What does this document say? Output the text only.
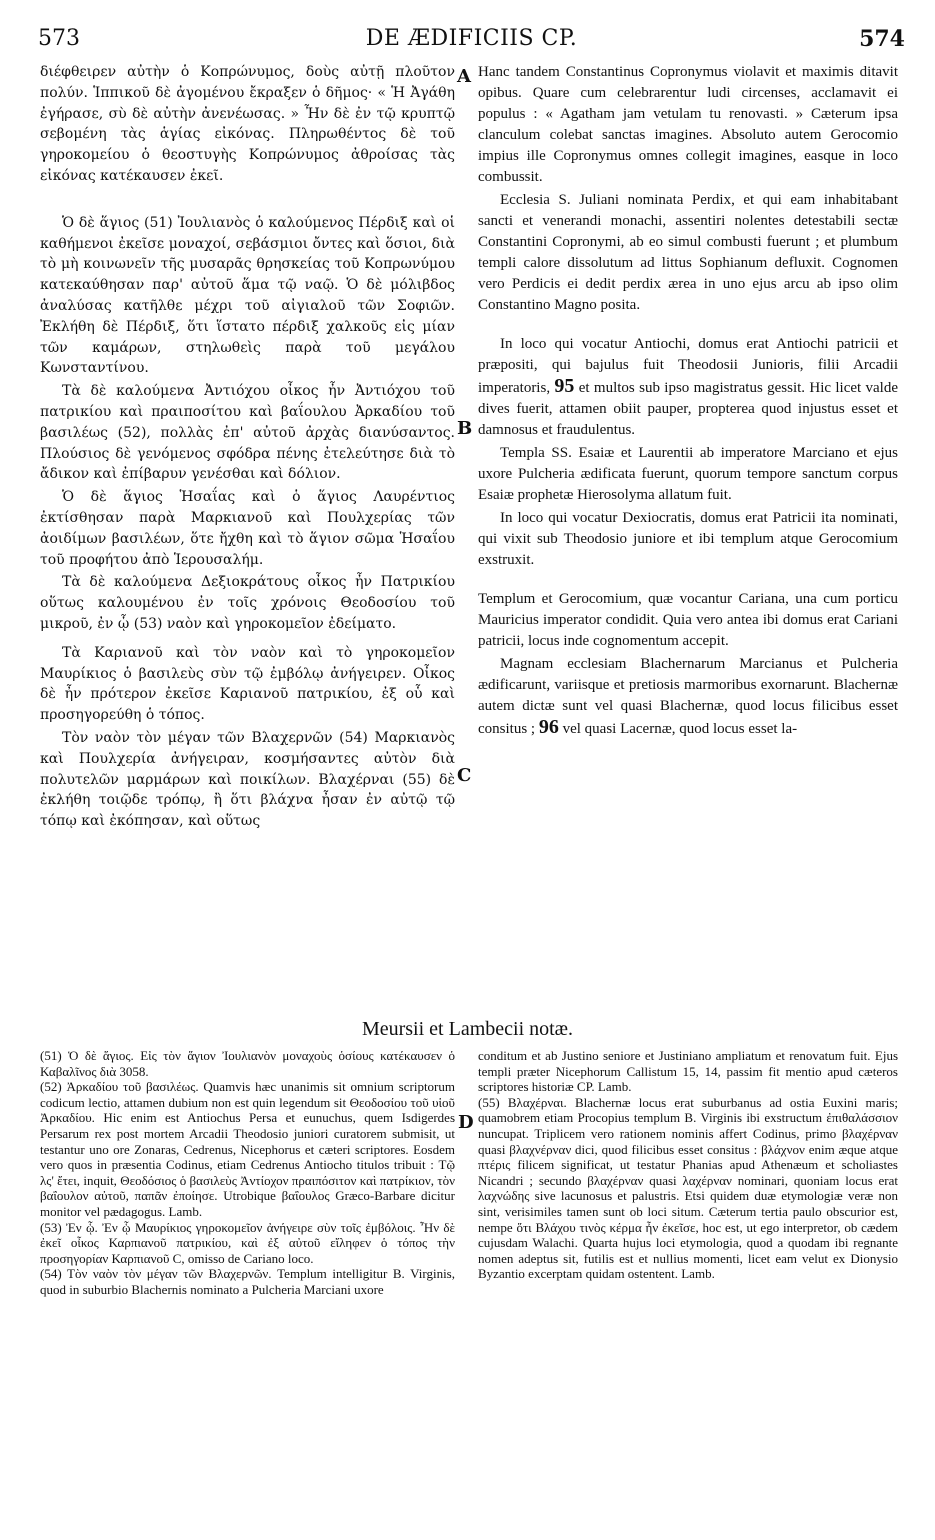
573	DE ÆDIFICIIS CP.	574

διέφθειρεν αὐτὴν ὁ Κοπρώνυμος, δοὺς αὐτῇ πλοῦτον πολύν. Ἱππικοῦ δὲ ἀγομένου ἔκραξεν ὁ δῆμος· « Ἡ Ἀγάθη ἐγήρασε, σὺ δὲ αὐτὴν ἀνενέωσας. » Ἦν δὲ ἐν τῷ κρυπτῷ σεβομένη τὰς ἁγίας εἰκόνας. Πληρωθέντος δὲ τοῦ γηροκομείου ὁ θεοστυγὴς Κοπρώνυμος ἀθροίσας τὰς εἰκόνας κατέκαυσεν ἐκεῖ.

Ὁ δὲ ἅγιος (51) Ἰουλιανὸς ὁ καλούμενος Πέρδιξ καὶ οἱ καθήμενοι ἐκεῖσε μοναχοί, σεβάσμιοι ὄντες καὶ ὅσιοι, διὰ τὸ μὴ κοινωνεῖν τῆς μυσαρᾶς θρησκείας τοῦ Κοπρωνύμου κατεκαύθησαν παρ' αὐτοῦ ἅμα τῷ ναῷ. Ὁ δὲ μόλιβδος ἀναλύσας κατῆλθε μέχρι τοῦ αἰγιαλοῦ τῶν Σοφιῶν. Ἐκλήθη δὲ Πέρδιξ, ὅτι ἵστατο πέρδιξ χαλκοῦς εἰς μίαν τῶν καμάρων, στηλωθεὶς παρὰ τοῦ μεγάλου Κωνσταντίνου.

Τὰ δὲ καλούμενα Ἀντιόχου οἶκος ἦν Ἀντιόχου τοῦ πατρικίου καὶ πραιποσίτου καὶ βαΐουλου Ἀρκαδίου τοῦ βασιλέως (52), πολλὰς ἐπ' αὐτοῦ ἀρχὰς διανύσαντος. Πλούσιος δὲ γενόμενος σφόδρα πένης ἐτελεύτησε διὰ τὸ ἄδικον καὶ ἐπίβαρυν γενέσθαι καὶ δόλιον.

Ὁ δὲ ἅγιος Ἡσαΐας καὶ ὁ ἅγιος Λαυρέντιος ἐκτίσθησαν παρὰ Μαρκιανοῦ καὶ Πουλχερίας τῶν ἀοιδίμων βασιλέων, ὅτε ἤχθη καὶ τὸ ἅγιον σῶμα Ἡσαΐου τοῦ προφήτου ἀπὸ Ἱερουσαλήμ.

Τὰ δὲ καλούμενα Δεξιοκράτους οἶκος ἦν Πατρικίου οὕτως καλουμένου ἐν τοῖς χρόνοις Θεοδοσίου τοῦ μικροῦ, ἐν ᾧ (53) ναὸν καὶ γηροκομεῖον ἐδείματο.

Τὰ Καριανοῦ καὶ τὸν ναὸν καὶ τὸ γηροκομεῖον Μαυρίκιος ὁ βασιλεὺς σὺν τῷ ἐμβόλῳ ἀνήγειρεν. Οἶκος δὲ ἦν πρότερον ἐκεῖσε Καριανοῦ πατρικίου, ἐξ οὗ καὶ προσηγορεύθη ὁ τόπος.

Τὸν ναὸν τὸν μέγαν τῶν Βλαχερνῶν (54) Μαρκιανὸς καὶ Πουλχερία ἀνήγειραν, κοσμήσαντες αὐτὸν διὰ πολυτελῶν μαρμάρων καὶ ποικίλων. Βλαχέρναι (55) δὲ ἐκλήθη τοιῷδε τρόπῳ, ἢ ὅτι βλάχνα ἦσαν ἐν αὐτῷ τῷ τόπῳ καὶ ἐκόπησαν, καὶ οὕτως

A
B
C
D

Hanc tandem Constantinus Copronymus violavit et maximis ditavit opibus. Quare cum celebrarentur ludi circenses, acclamavit ei populus : « Agatham jam vetulam tu renovasti. » Cæterum ipsa clanculum colebat sanctas imagines. Absoluto autem Gerocomio impius ille Copronymus omnes collegit imagines, easque in loco combussit.

Ecclesia S. Juliani nominata Perdix, et qui eam inhabitabant sancti et venerandi monachi, assentiri nolentes detestabili sectæ Constantini Copronymi, ab eo simul combusti fuerunt ; et plumbum templi calore dissolutum ad littus Sophianum defluxit. Cognomen vero Perdicis ei dedit perdix ærea in uno ejus arcu ab ipso olim Constantino Magno posita.

In loco qui vocatur Antiochi, domus erat Antiochi patricii et præpositi, qui bajulus fuit Theodosii Junioris, filii Arcadii imperatoris, 95 et multos sub ipso magistratus gessit. Hic licet valde dives fuerit, attamen obiit pauper, propterea quod injustus esset et damnosus et fraudulentus.

Templa SS. Esaiæ et Laurentii ab imperatore Marciano et ejus uxore Pulcheria ædificata fuerunt, quorum tempore sanctum corpus Esaiæ prophetæ Hierosolyma allatum fuit.

In loco qui vocatur Dexiocratis, domus erat Patricii ita nominati, qui vixit sub Theodosio juniore et ibi templum atque Gerocomium exstruxit.

Templum et Gerocomium, quæ vocantur Cariana, una cum porticu Mauricius imperator condidit. Quia vero antea ibi domus erat Cariani patricii, locus inde cognomentum accepit.

Magnam ecclesiam Blachernarum Marcianus et Pulcheria ædificarunt, variisque et pretiosis marmoribus exornarunt. Blachernæ autem dictæ sunt vel quasi Blachernæ, quod locus filicibus esset consitus ; 96 vel quasi Lacernæ, quod locus esset la-

Meursii et Lambecii notæ.

(51) Ὁ δὲ ἅγιος. Εἰς τὸν ἅγιον Ἰουλιανὸν μοναχοὺς ὁσίους κατέκαυσεν ὁ Καβαλῖνος διὰ 3058.

(52) Ἀρκαδίου τοῦ βασιλέως. Quamvis hæc unanimis sit omnium scriptorum codicum lectio, attamen dubium non est quin legendum sit Θεοδοσίου τοῦ υἱοῦ Ἀρκαδίου. Hic enim est Antiochus Persa et eunuchus, quem Isdigerdes Persarum rex post mortem Arcadii Theodosio juniori curatorem submisit, ut testantur uno ore Zonaras, Cedrenus, Nicephorus et cæteri scriptores. Eosdem vero quos in præsentia Codinus, etiam Cedrenus Antiocho titulos tribuit : Τῷ λς' ἔτει, inquit, Θεοδόσιος ὁ βασιλεὺς Ἀντίοχον πραιπόσιτον καὶ πατρίκιον, τὸν βαΐουλον αὐτοῦ, παπᾶν ἐποίησε. Utrobique βαΐουλος Græco-Barbare dicitur monitor vel pædagogus. Lamb.

(53) Ἐν ᾧ. Ἐν ᾧ Μαυρίκιος γηροκομεῖον ἀνήγειρε σὺν τοῖς ἐμβόλοις. Ἦν δὲ ἐκεῖ οἶκος Καρπιανοῦ πατρικίου, καὶ ἐξ αὐτοῦ εἴληφεν ὁ τόπος τὴν προσηγορίαν Καρπιανοῦ C, omisso de Cariano loco.

(54) Τὸν ναὸν τὸν μέγαν τῶν Βλαχερνῶν. Templum intelligitur B. Virginis, quod in suburbio Blachernis nominato a Pulcheria Marciani uxore

conditum et ab Justino seniore et Justiniano ampliatum et renovatum fuit. Ejus templi præter Nicephorum Callistum 15, 14, passim fit mentio apud cæteros scriptores historiæ CP. Lamb.

(55) Βλαχέρναι. Blachernæ locus erat suburbanus ad ostia Euxini maris; quamobrem etiam Procopius templum B. Virginis ibi exstructum ἐπιθαλάσσιον nuncupat. Triplicem vero rationem nominis affert Codinus, primo βλαχέρναν quasi βλαχνέρναν dici, quod filicibus esset consitus : βλάχνον enim æque atque πτέρις filicem significat, ut testatur Phanias apud Athenæum et scholiastes Nicandri ; secundo βλαχέρναν quasi λαχέρναν nominari, quoniam locus erat λαχνώδης sive lacunosus et palustris. Etsi quidem duæ etymologiæ veræ non sint, verisimiles tamen sunt ob loci situm. Cæterum tertia paulo obscurior est, nempe ὅτι Βλάχου τινὸς κέρμα ἦν ἐκεῖσε, hoc est, ut ego interpretor, ob cædem cujusdam Walachi. Quarta hujus loci etymologia, quod a quodam ibi regnante nomen adeptus sit, futilis est et nullius momenti, licet eam velut ex Dionysio Byzantio excerptam quidam ostentent. Lamb.
